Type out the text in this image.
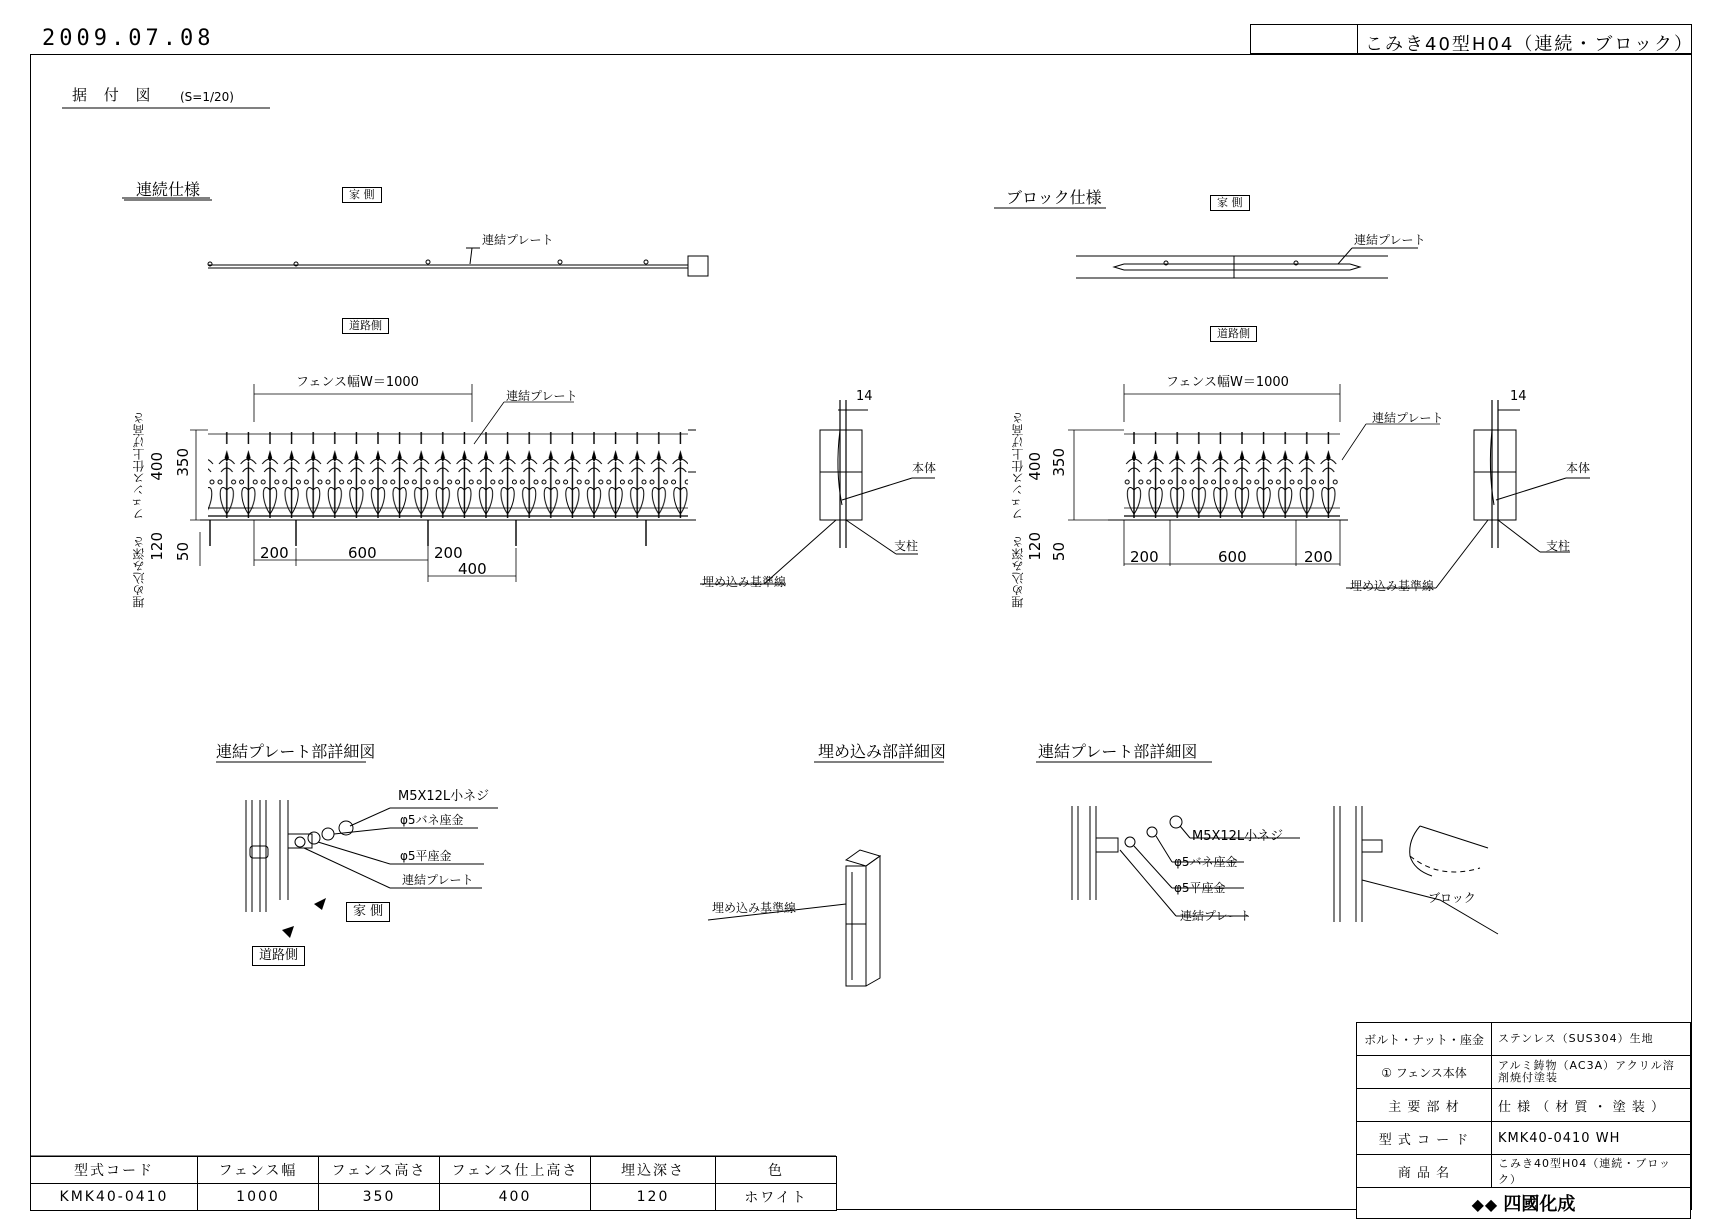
2009.07.08	こみき40型H04（連続・ブロック）
据 付 図 (S=1/20)
連続仕様	ブロック仕様
家 側
道路側
家 側
道路側
連結プレート	連結プレート
フェンス幅W＝1000	フェンス幅W＝1000
連結プレート
連結プレート
フェンス仕上げ高さ
埋め込み深さ
400 350
120 50	200	600	200
400
14
本体
支柱
埋め込み基準線
フェンス仕上げ高さ
埋め込み深さ
400 350
120 50	200	600	200
14
本体
支柱
埋め込み基準線
連結プレート部詳細図	埋め込み部詳細図	連結プレート部詳細図
M5X12L小ネジ
φ5バネ座金
φ5平座金
連結プレート
家 側
道路側
埋め込み基準線
M5X12L小ネジ
φ5バネ座金
φ5平座金
連結プレート
ブロック
ボルト・ナット・座金	ステンレス（SUS304）生地
① フェンス本体	アルミ鋳物（AC3A）アクリル溶剤焼付塗装
主 要 部 材	仕 様 （ 材 質 ・ 塗 装 ）
型 式 コ ー ド	KMK40-0410 WH
商 品 名	こみき40型H04（連続・ブロック）
◆◆ 四國化成	
型式コード	フェンス幅	フェンス高さ	フェンス仕上高さ	埋込深さ	色
KMK40-0410	1000	350	400	120	ホワイト
